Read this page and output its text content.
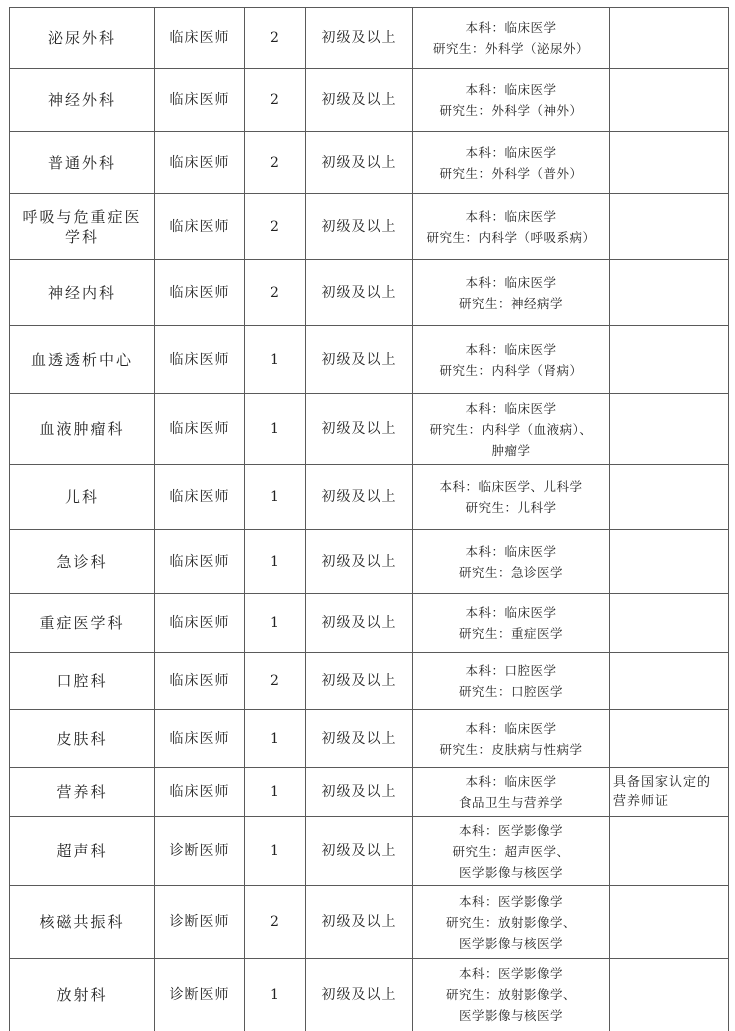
泌尿外科	临床医师	2	初级及以上	本科：临床医学
研究生：外科学（泌尿外）	

神经外科	临床医师	2	初级及以上	本科：临床医学
研究生：外科学（神外）	

普通外科	临床医师	2	初级及以上	本科：临床医学
研究生：外科学（普外）	

呼吸与危重症医
学科	临床医师	2	初级及以上	本科：临床医学
研究生：内科学（呼吸系病）	

神经内科	临床医师	2	初级及以上	本科：临床医学
研究生：神经病学	

血透透析中心	临床医师	1	初级及以上	本科：临床医学
研究生：内科学（肾病）	

血液肿瘤科	临床医师	1	初级及以上	本科：临床医学
研究生：内科学（血液病）、
肿瘤学	

儿科	临床医师	1	初级及以上	本科：临床医学、儿科学
研究生：儿科学	

急诊科	临床医师	1	初级及以上	本科：临床医学
研究生：急诊医学	

重症医学科	临床医师	1	初级及以上	本科：临床医学
研究生：重症医学	

口腔科	临床医师	2	初级及以上	本科：口腔医学
研究生：口腔医学	

皮肤科	临床医师	1	初级及以上	本科：临床医学
研究生：皮肤病与性病学	

营养科	临床医师	1	初级及以上	本科：临床医学
食品卫生与营养学	具备国家认定的
营养师证

超声科	诊断医师	1	初级及以上	本科：医学影像学
研究生：超声医学、
医学影像与核医学	

核磁共振科	诊断医师	2	初级及以上	本科：医学影像学
研究生：放射影像学、
医学影像与核医学	

放射科	诊断医师	1	初级及以上	本科：医学影像学
研究生：放射影像学、
医学影像与核医学	
